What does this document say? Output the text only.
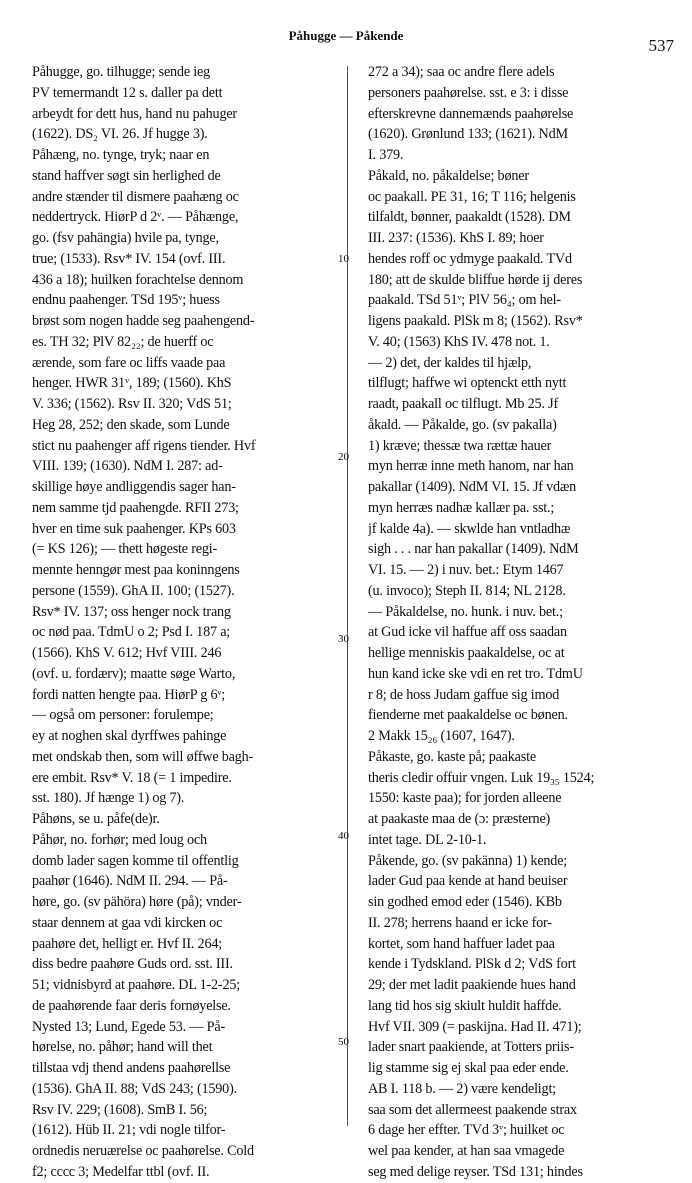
Påhugge — Påkende
537
10
20
30
40
50
Påhugge, go. tilhugge; sende ieg
PV temermandt 12 s. daller pa dett
arbeydt for dett hus, hand nu pahuger
(1622). DS₂ VI. 26. Jf hugge 3).
Påhæng, no. tynge, tryk; naar en
stand haffver søgt sin herlighed de
andre stænder til dismere paahæng oc
neddertryck. HiørP d 2ᵛ. — Påhænge,
go. (fsv pahängia) hvile pa, tynge,
true; (1533). Rsv* IV. 154 (ovf. III.
436 a 18); huilken forachtelse dennom
endnu paahenger. TSd 195ᵛ; huess
brøst som nogen hadde seg paahengend-
es. TH 32; PlV 82₂₂; de huerff oc
ærende, som fare oc liffs vaade paa
henger. HWR 31ᵛ, 189; (1560). KhS
V. 336; (1562). Rsv II. 320; VdS 51;
Heg 28, 252; den skade, som Lunde
stict nu paahenger aff rigens tiender. Hvf
VIII. 139; (1630). NdM I. 287: ad-
skillige høye andliggendis sager han-
nem samme tjd paahengde. RFII 273;
hver en time suk paahenger. KPs 603
(= KS 126); — thett høgeste regi-
mennte henngør mest paa koninngens
persone (1559). GhA II. 100; (1527).
Rsv* IV. 137; oss henger nock trang
oc nød paa. TdmU o 2; Psd I. 187 a;
(1566). KhS V. 612; Hvf VIII. 246
(ovf. u. fordærv); maatte søge Warto,
fordi natten hengte paa. HiørP g 6ᵛ;
— også om personer: forulempe;
ey at noghen skal dyrffwes pahinge
met ondskab then, som will øffwe bagh-
ere embit. Rsv* V. 18 (= 1 impedire.
sst. 180). Jf hænge 1) og 7).
Påhøns, se u. påfe(de)r.
Påhør, no. forhør; med loug och
domb lader sagen komme til offentlig
paahør (1646). NdM II. 294. — På-
høre, go. (sv pähöra) høre (på); vnder-
staar dennem at gaa vdi kircken oc
paahøre det, helligt er. Hvf II. 264;
diss bedre paahøre Guds ord. sst. III.
51; vidnisbyrd at paahøre. DL 1-2-25;
de paahørende faar deris fornøyelse.
Nysted 13; Lund, Egede 53. — På-
hørelse, no. påhør; hand will thet
tillstaa vdj thend andens paahørellse
(1536). GhA II. 88; VdS 243; (1590).
Rsv IV. 229; (1608). SmB I. 56;
(1612). Hüb II. 21; vdi nogle tilfor-
ordnedis neruærelse oc paahørelse. Cold
f2; cccc 3; Medelfar ttbl (ovf. II.
272 a 34); saa oc andre flere adels
personers paahørelse. sst. e 3: i disse
efterskrevne dannemænds paahørelse
(1620). Grønlund 133; (1621). NdM
I. 379.
Påkald, no. påkaldelse; bøner
oc paakall. PE 31, 16; T 116; helgenis
tilfaldt, bønner, paakaldt (1528). DM
III. 237: (1536). KhS I. 89; hoer
hendes roff oc ydmyge paakald. TVd
180; att de skulde bliffue hørde ij deres
paakald. TSd 51ᵛ; PlV 56₄; om hel-
ligens paakald. PlSk m 8; (1562). Rsv*
V. 40; (1563) KhS IV. 478 not. 1.
— 2) det, der kaldes til hjælp,
tilflugt; haffwe wi optenckt etth nytt
raadt, paakall oc tilflugt. Mb 25. Jf
åkald. — Påkalde, go. (sv pakalla)
1) kræve; thessæ twa rættæ hauer
myn herræ inne meth hanom, nar han
pakallar (1409). NdM VI. 15. Jf vdæn
myn herræs nadhæ kallær pa. sst.;
jf kalde 4a). — skwlde han vntladhæ
sigh . . . nar han pakallar (1409). NdM
VI. 15. — 2) i nuv. bet.: Etym 1467
(u. invoco); Steph II. 814; NL 2128.
— Påkaldelse, no. hunk. i nuv. bet.;
at Gud icke vil haffue aff oss saadan
hellige menniskis paakaldelse, oc at
hun kand icke ske vdi en ret tro. TdmU
r 8; de hoss Judam gaffue sig imod
fienderne met paakaldelse oc bønen.
2 Makk 15₂₆ (1607, 1647).
Påkaste, go. kaste på; paakaste
theris cledir offuir vngen. Luk 19₃₅ 1524;
1550: kaste paa); for jorden alleene
at paakaste maa de (ɔ: præsterne)
intet tage. DL 2-10-1.
Påkende, go. (sv pakänna) 1) kende;
lader Gud paa kende at hand beuiser
sin godhed emod eder (1546). KBb
II. 278; herrens haand er icke for-
kortet, som hand haffuer ladet paa
kende i Tydskland. PlSk d 2; VdS fort
29; der met ladit paakiende hues hand
lang tid hos sig skiult huldit haffde.
Hvf VII. 309 (= paskijna. Had II. 471);
lader snart paakiende, at Totters priis-
lig stamme sig ej skal paa eder ende.
AB I. 118 b. — 2) være kendeligt;
saa som det allermeest paakende strax
6 dage her effter. TVd 3ᵛ; huilket oc
wel paa kender, at han saa vmagede
seg med delige reyser. TSd 131; hindes
